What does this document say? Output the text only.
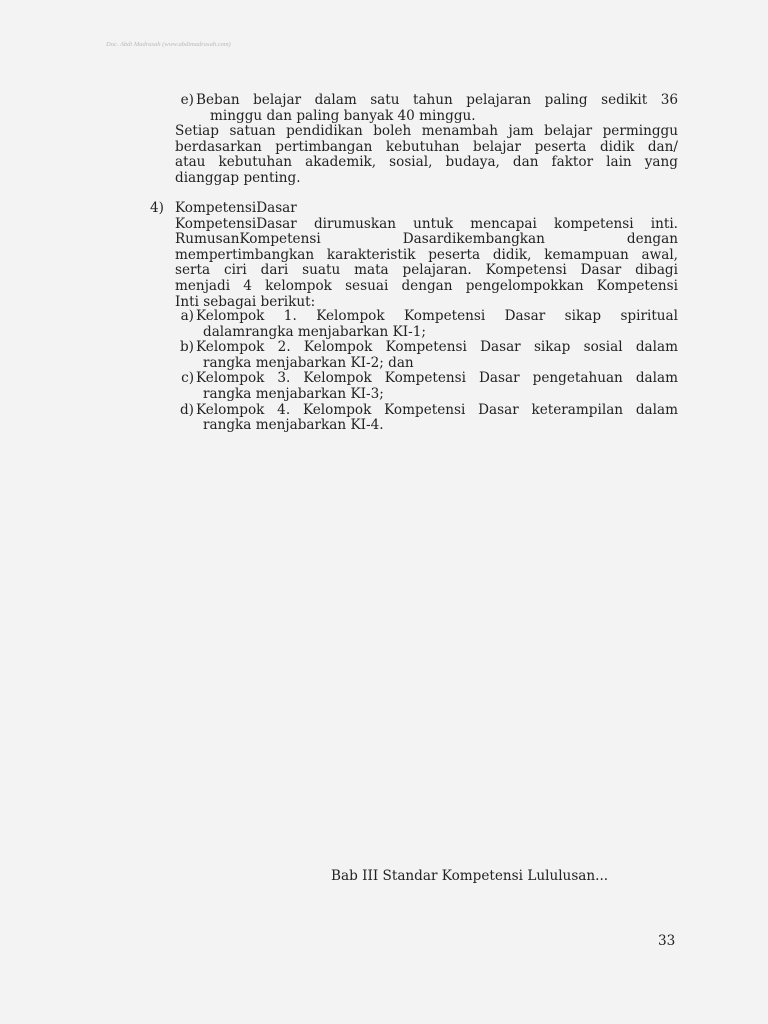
Doc. Abdi Madrasah (www.abdimadrasah.com)
e) Beban belajar dalam satu tahun pelajaran paling sedikit 36
minggu dan paling banyak 40 minggu.
Setiap satuan pendidikan boleh menambah jam belajar perminggu
berdasarkan pertimbangan kebutuhan belajar peserta didik dan/
atau kebutuhan akademik, sosial, budaya, dan faktor lain yang
dianggap penting.
4) KompetensiDasar
KompetensiDasar dirumuskan untuk mencapai kompetensi inti.
RumusanKompetensi Dasardikembangkan dengan
mempertimbangkan karakteristik peserta didik, kemampuan awal,
serta ciri dari suatu mata pelajaran. Kompetensi Dasar dibagi
menjadi 4 kelompok sesuai dengan pengelompokkan Kompetensi
Inti sebagai berikut:
a) Kelompok 1. Kelompok Kompetensi Dasar sikap spiritual
dalamrangka menjabarkan KI-1;
b) Kelompok 2. Kelompok Kompetensi Dasar sikap sosial dalam
rangka menjabarkan KI-2; dan
c) Kelompok 3. Kelompok Kompetensi Dasar pengetahuan dalam
rangka menjabarkan KI-3;
d) Kelompok 4. Kelompok Kompetensi Dasar keterampilan dalam
rangka menjabarkan KI-4.
Bab III Standar Kompetensi Lululusan...
33
